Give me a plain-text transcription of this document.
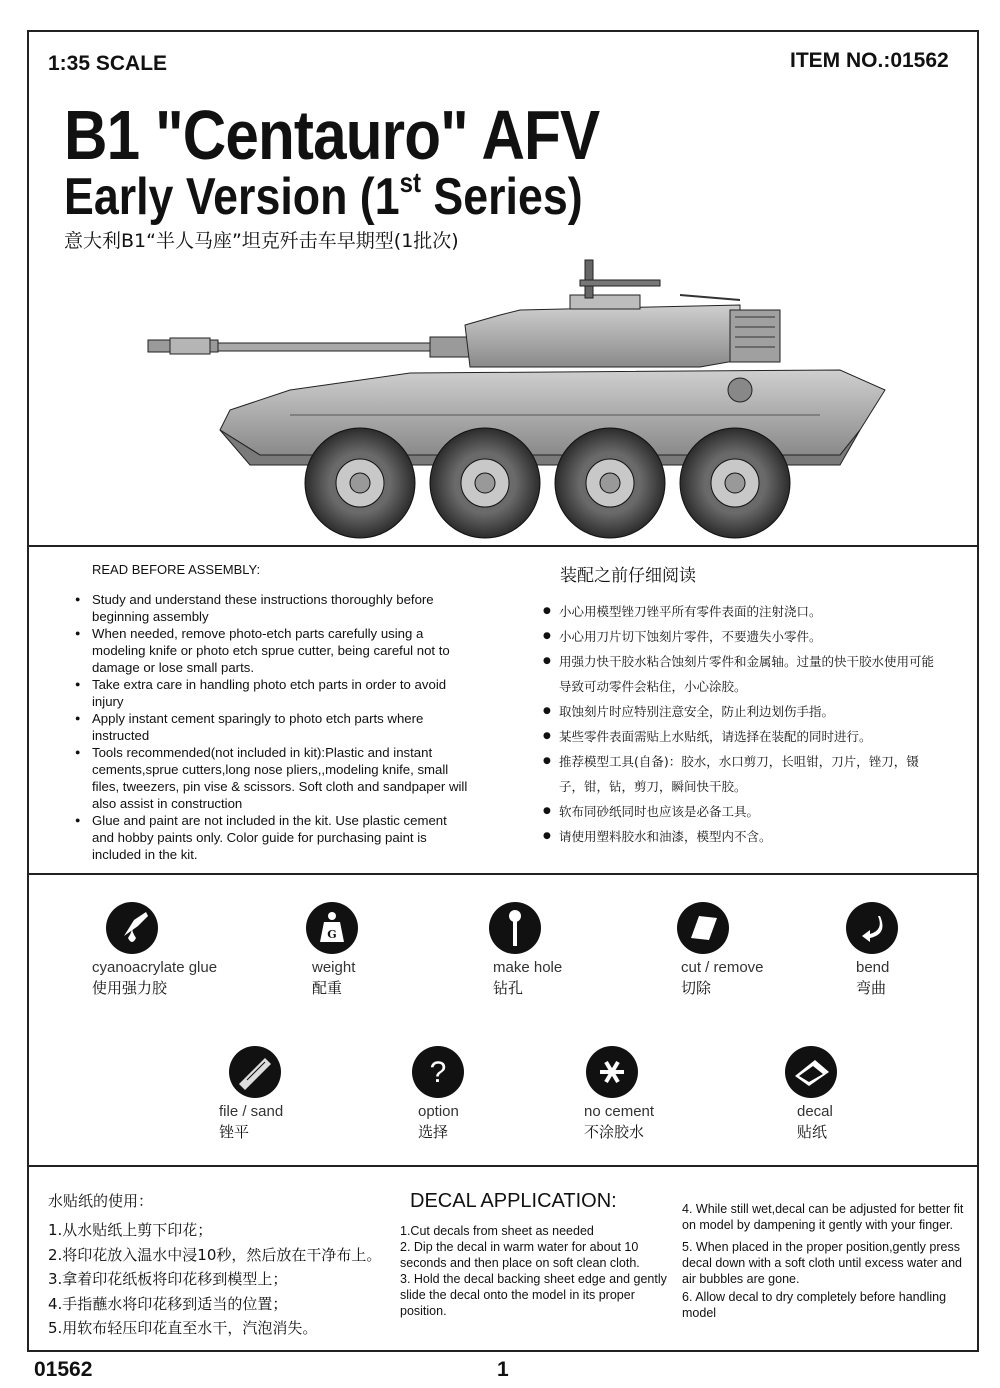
1:35 SCALE	ITEM NO.:01562
B1 "Centauro" AFV
Early Version (1st Series)
意大利B1“半人马座”坦克歼击车早期型(1批次)
READ BEFORE ASSEMBLY:	装配之前仔细阅读
● Study and understand these instructions thoroughly before beginning assembly
● When needed, remove photo-etch parts carefully using a modeling knife or photo etch sprue cutter, being careful not to damage or lose small parts.
● Take extra care in handling photo etch parts in order to avoid injury
● Apply instant cement sparingly to photo etch parts where instructed
● Tools recommended(not included in kit):Plastic and instant cements,sprue cutters,long nose pliers,,modeling knife, small files, tweezers, pin vise & scissors. Soft cloth and sandpaper will also assist in construction
● Glue and paint are not included in the kit. Use plastic cement and hobby paints only. Color guide for purchasing paint is included in the kit.
● 小心用模型锉刀锉平所有零件表面的注射浇口。
● 小心用刀片切下蚀刻片零件，不要遗失小零件。
● 用强力快干胶水粘合蚀刻片零件和金属轴。过量的快干胶水使用可能导致可动零件会粘住，小心涂胶。
● 取蚀刻片时应特别注意安全，防止利边划伤手指。
● 某些零件表面需贴上水贴纸，请选择在装配的同时进行。
● 推荐模型工具(自备)：胶水，水口剪刀，长咀钳，刀片，锉刀，镊子，钳，钻，剪刀，瞬间快干胶。
● 软布同砂纸同时也应该是必备工具。
● 请使用塑料胶水和油漆，模型内不含。
cyanoacrylate glue
使用强力胶
G
weight
配重
make hole
钻孔
cut / remove
切除
bend
弯曲
file / sand
锉平
?
option
选择
no cement
不涂胶水
decal
贴纸
水贴纸的使用：
1.从水贴纸上剪下印花；
2.将印花放入温水中浸10秒，然后放在干净布上。
3.拿着印花纸板将印花移到模型上；
4.手指蘸水将印花移到适当的位置；
5.用软布轻压印花直至水干，汽泡消失。
DECAL APPLICATION:
1.Cut decals from sheet as needed
2. Dip the decal in warm water for about 10 seconds and then place on soft clean cloth.
3. Hold the decal backing sheet edge and gently slide the decal onto the model in its proper position.
4. While still wet,decal can be adjusted for better fit on model by dampening it gently with your finger.
5. When placed in the proper position,gently press decal down with a soft cloth until excess water and air bubbles are gone.
6. Allow decal to dry completely before handling model
01562	1
